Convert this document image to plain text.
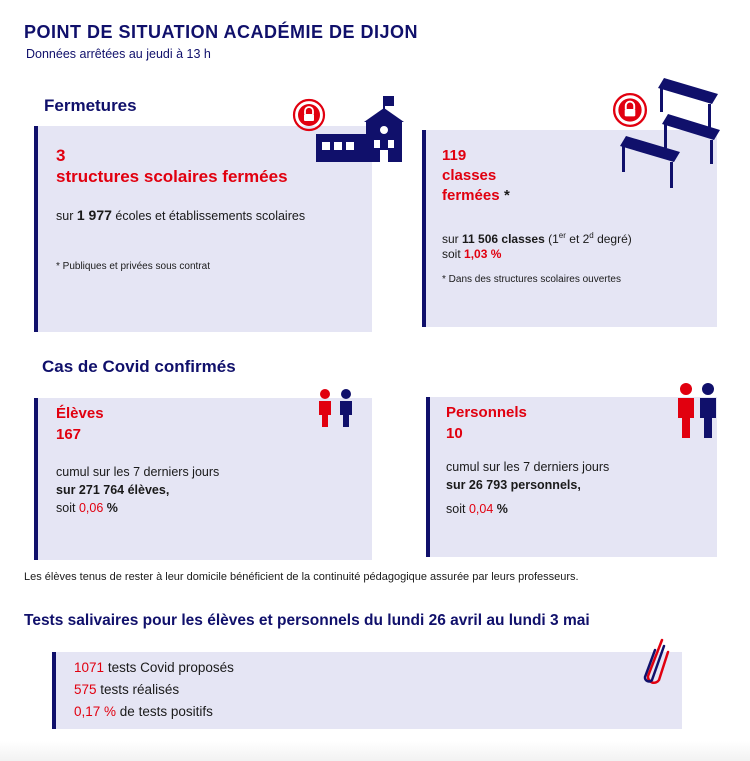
POINT DE SITUATION ACADÉMIE DE DIJON
Données arrêtées au jeudi à 13 h
Fermetures
3
structures scolaires fermées
sur 1 977 écoles et établissements scolaires
* Publiques et privées sous contrat
119
classes
fermées *
sur 11 506 classes (1er et 2$^d$ degré)
soit 1,03 %
* Dans des structures scolaires ouvertes
Cas de Covid confirmés
Élèves
167
cumul sur les 7 derniers jours
sur 271 764 élèves,
soit 0,06 %
Personnels
10
cumul sur les 7 derniers jours
sur 26 793 personnels,
soit 0,04 %
Les élèves tenus de rester à leur domicile bénéficient de la continuité pédagogique assurée par leurs professeurs.
Tests salivaires pour les élèves et personnels du lundi 26 avril au lundi 3 mai
1071 tests Covid proposés
575 tests réalisés
0,17 % de tests positifs
